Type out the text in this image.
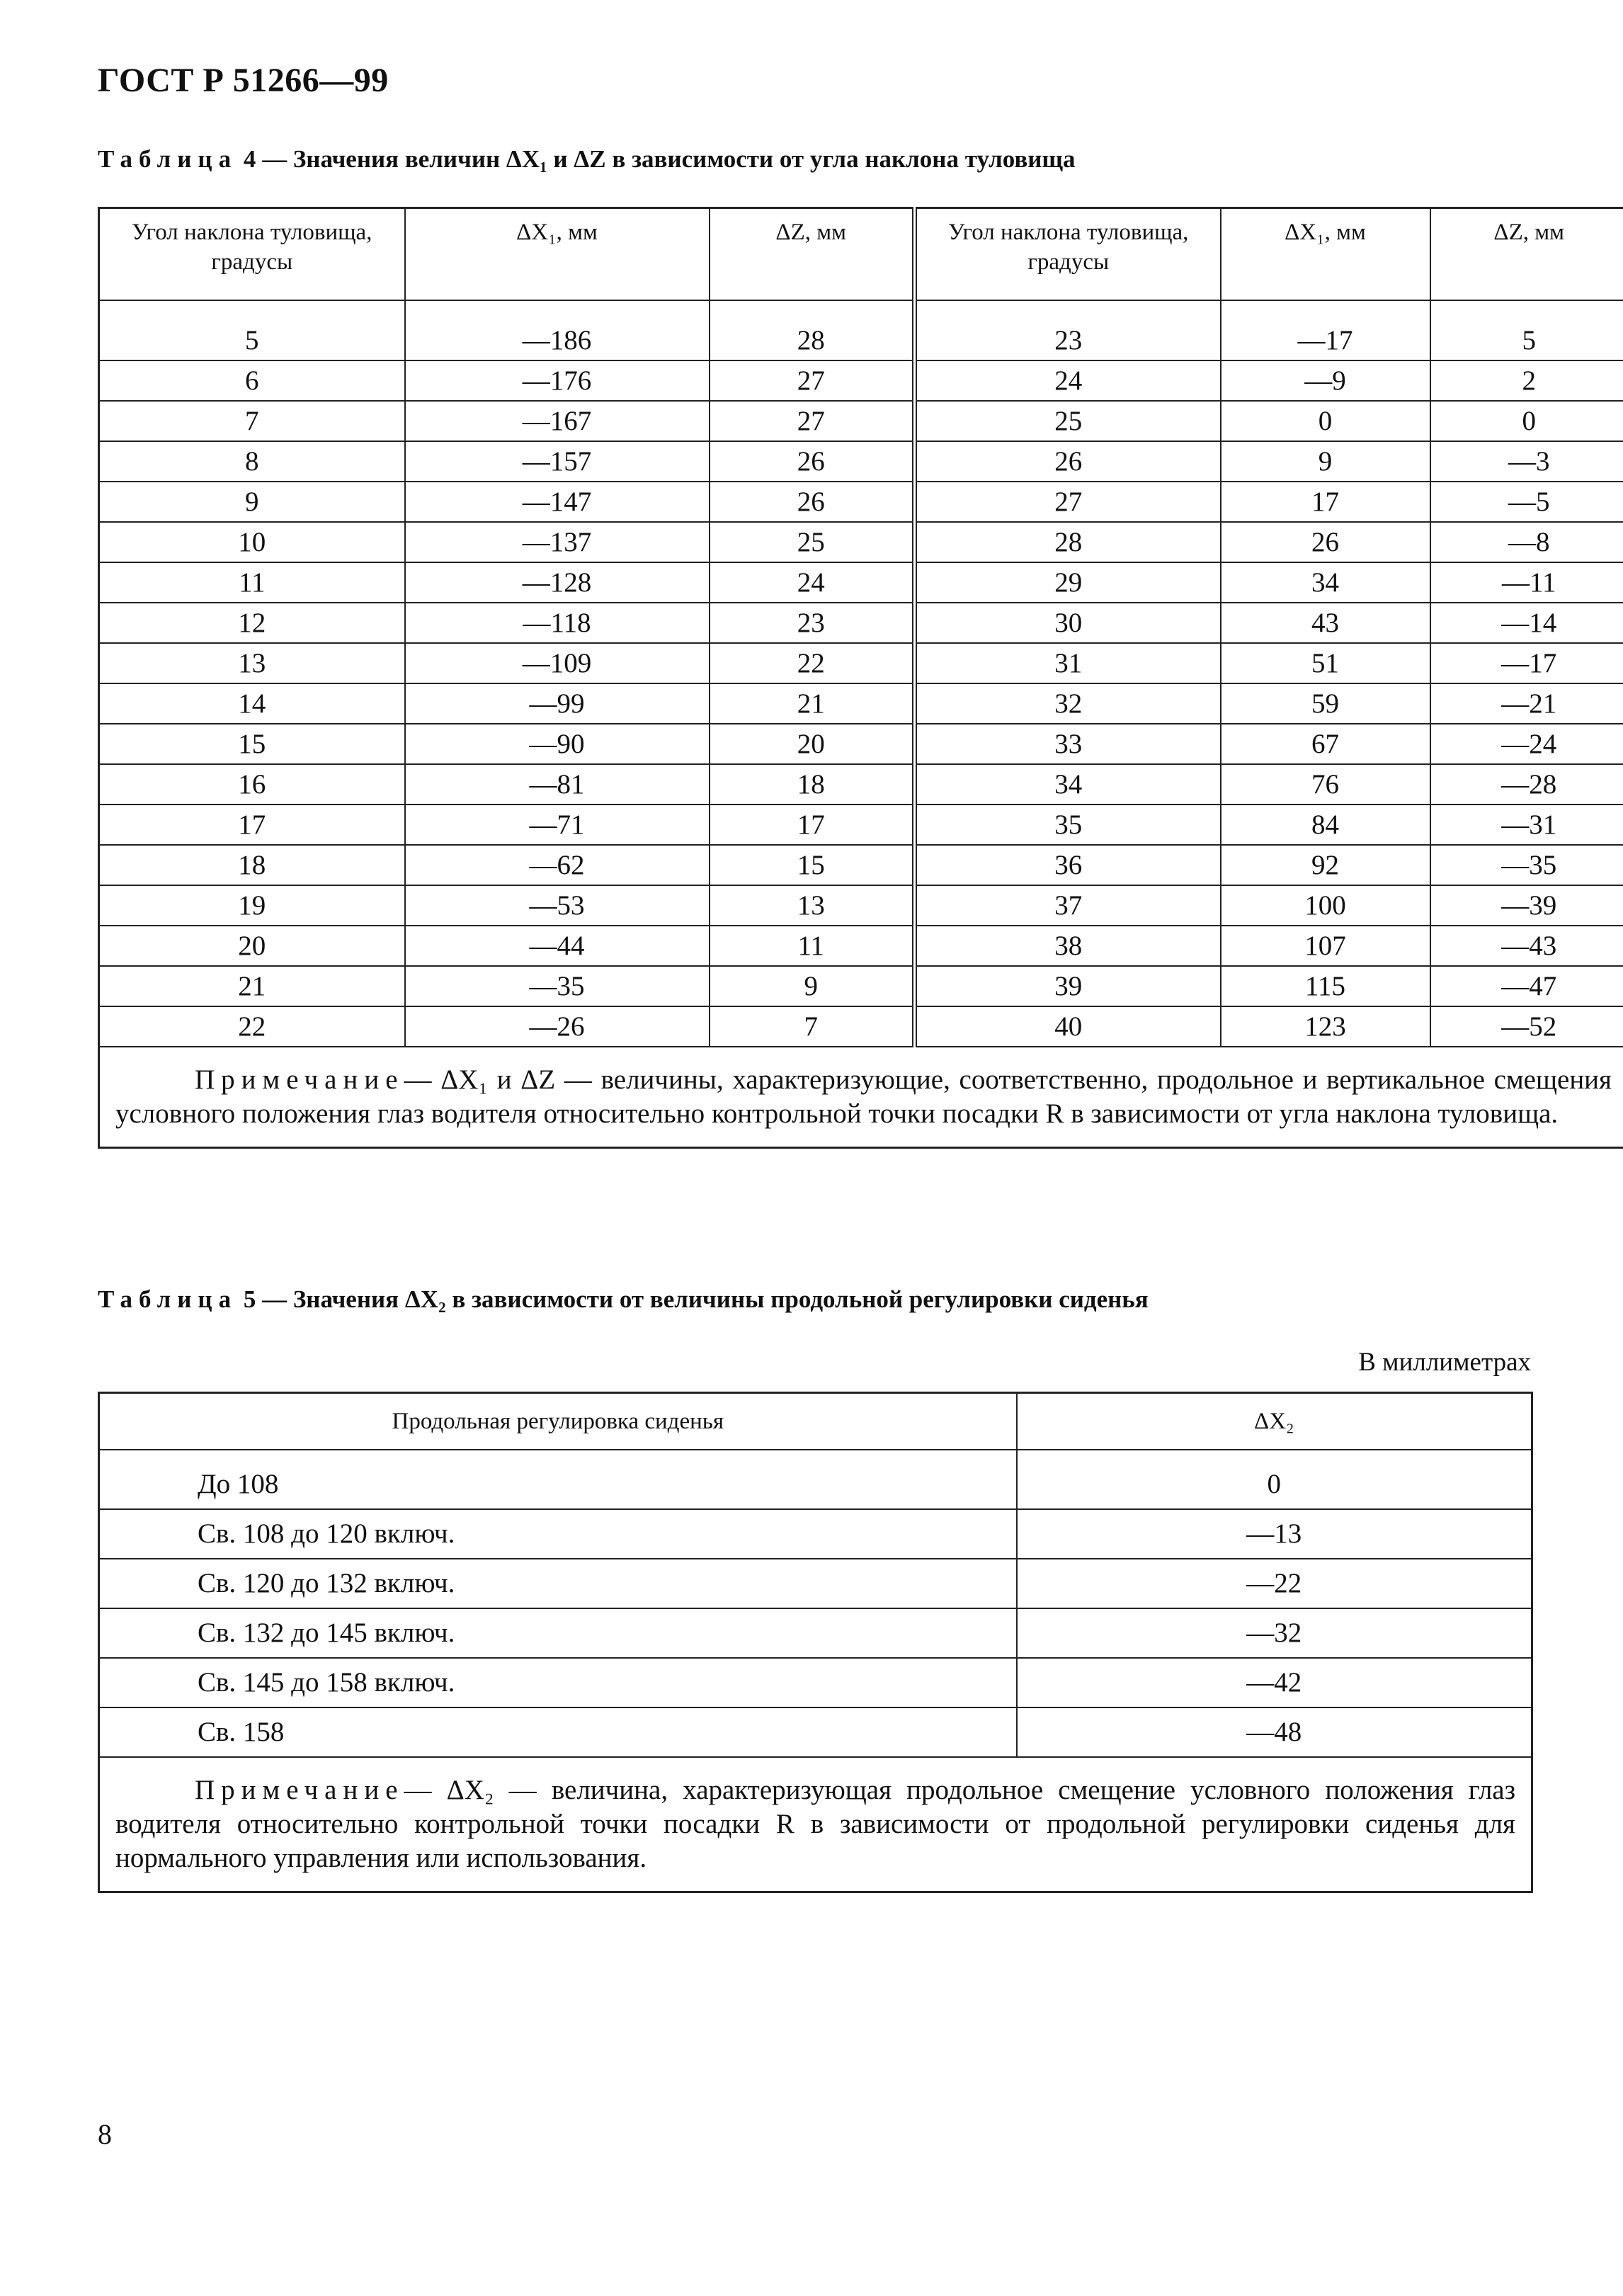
ГОСТ Р 51266—99
Таблица 4 — Значения величин ΔX₁ и ΔZ в зависимости от угла наклона туловища
Угол наклона туловища, градусы	ΔX₁, мм	ΔZ, мм	Угол наклона туловища, градусы	ΔX₁, мм	ΔZ, мм
5	—186	28	23	—17	5
6	—176	27	24	—9	2
7	—167	27	25	0	0
8	—157	26	26	9	—3
9	—147	26	27	17	—5
10	—137	25	28	26	—8
11	—128	24	29	34	—11
12	—118	23	30	43	—14
13	—109	22	31	51	—17
14	—99	21	32	59	—21
15	—90	20	33	67	—24
16	—81	18	34	76	—28
17	—71	17	35	84	—31
18	—62	15	36	92	—35
19	—53	13	37	100	—39
20	—44	11	38	107	—43
21	—35	9	39	115	—47
22	—26	7	40	123	—52
Примечание— ΔX₁ и ΔZ — величины, характеризующие, соответственно, продольное и вертикальное смещения условного положения глаз водителя относительно контрольной точки посадки R в зависимости от угла наклона туловища.					
Таблица 5 — Значения ΔX₂ в зависимости от величины продольной регулировки сиденья
В миллиметрах
Продольная регулировка сиденья	ΔX₂
До 108	0
Св. 108 до 120 включ.	—13
Св. 120 до 132 включ.	—22
Св. 132 до 145 включ.	—32
Св. 145 до 158 включ.	—42
Св. 158	—48
Примечание— ΔX₂ — величина, характеризующая продольное смещение условного положения глаз водителя относительно контрольной точки посадки R в зависимости от продольной регулировки сиденья для нормального управления или использования.	
8
